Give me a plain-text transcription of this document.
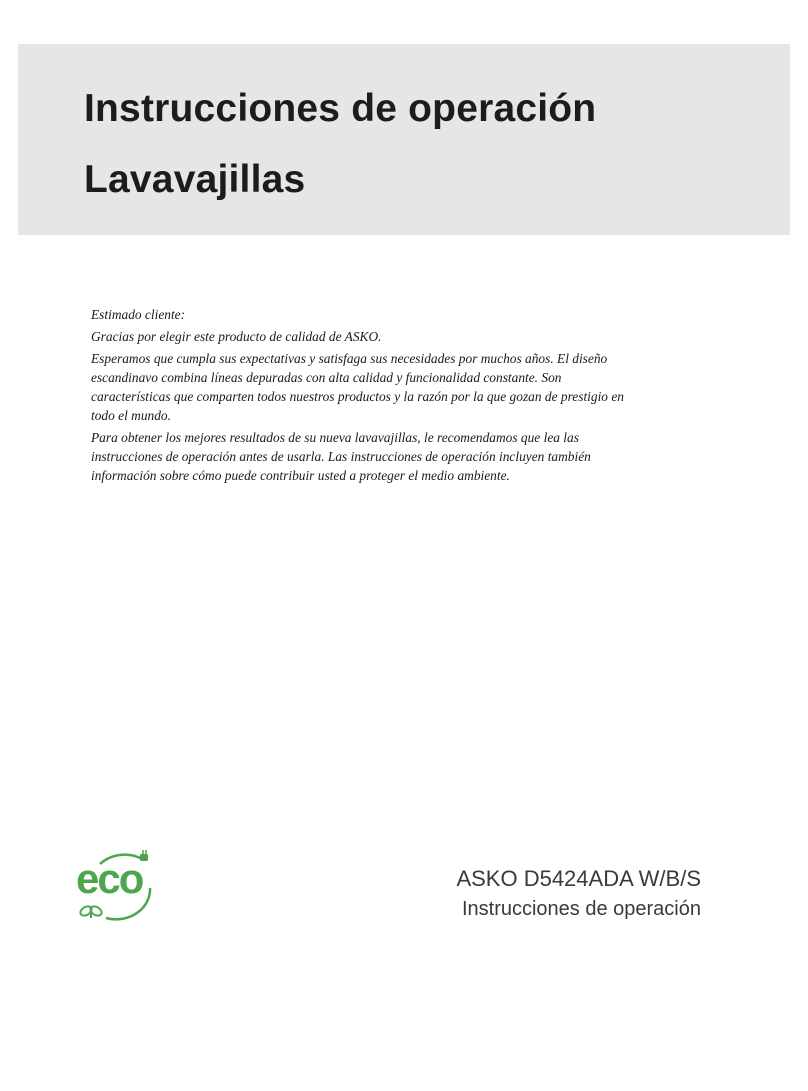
Instrucciones de operación
Lavavajillas

Estimado cliente:

Gracias por elegir este producto de calidad de ASKO.

Esperamos que cumpla sus expectativas y satisfaga sus necesidades por muchos años. El diseño escandinavo combina líneas depuradas con alta calidad y funcionalidad constante. Son características que comparten todos nuestros productos y la razón por la que gozan de prestigio en todo el mundo.

Para obtener los mejores resultados de su nueva lavavajillas, le recomendamos que lea las instrucciones de operación antes de usarla. Las instrucciones de operación incluyen también información sobre cómo puede contribuir usted a proteger el medio ambiente.

eco	ASKO D5424ADA W/B/S
Instrucciones de operación
